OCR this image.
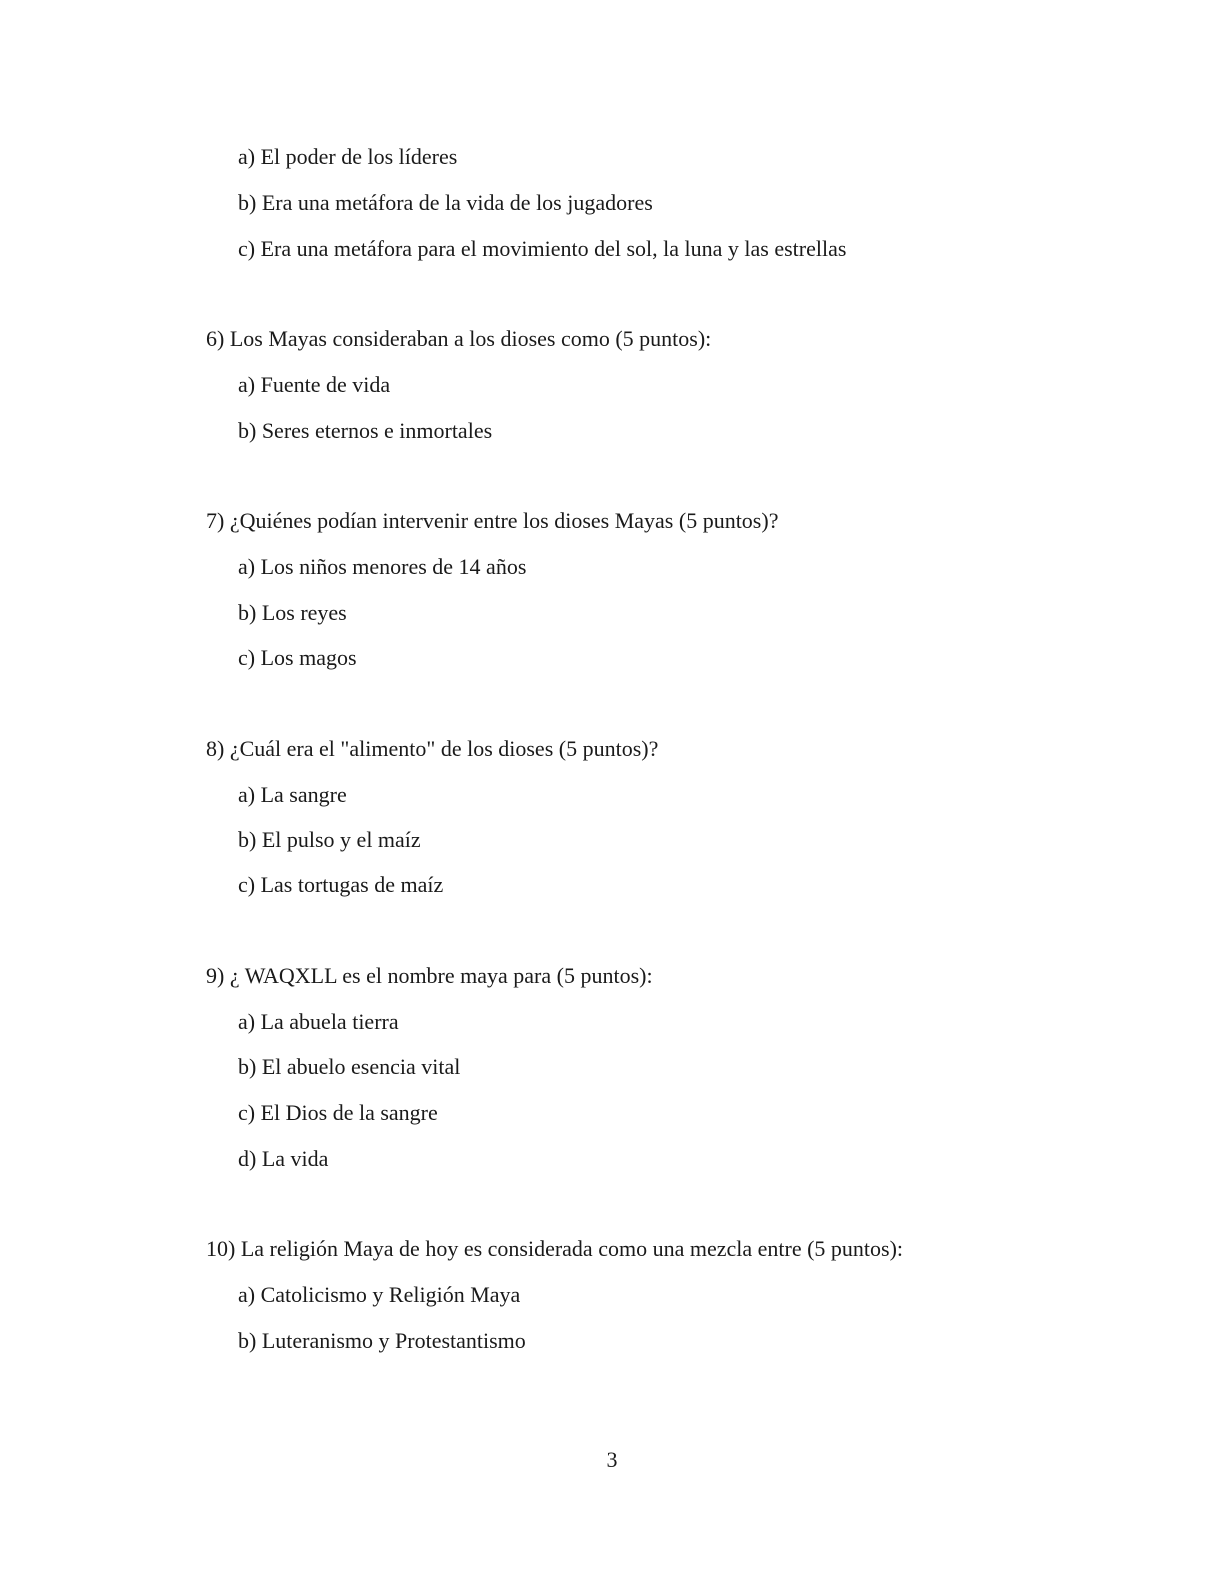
a) El poder de los líderes
b) Era una metáfora de la vida de los jugadores
c) Era una metáfora para el movimiento del sol, la luna y las estrellas
6) Los Mayas consideraban a los dioses como (5 puntos):
a) Fuente de vida
b) Seres eternos e inmortales
7) ¿Quiénes podían intervenir entre los dioses Mayas (5 puntos)?
a) Los niños menores de 14 años
b) Los reyes
c) Los magos
8) ¿Cuál era el "alimento" de los dioses (5 puntos)?
a) La sangre
b) El pulso y el maíz
c) Las tortugas de maíz
9) ¿ WAQXLL es el nombre maya para (5 puntos):
a) La abuela tierra
b) El abuelo esencia vital
c) El Dios de la sangre
d) La vida
10) La religión Maya de hoy es considerada como una mezcla entre (5 puntos):
a) Catolicismo y Religión Maya
b) Luteranismo y Protestantismo
3
